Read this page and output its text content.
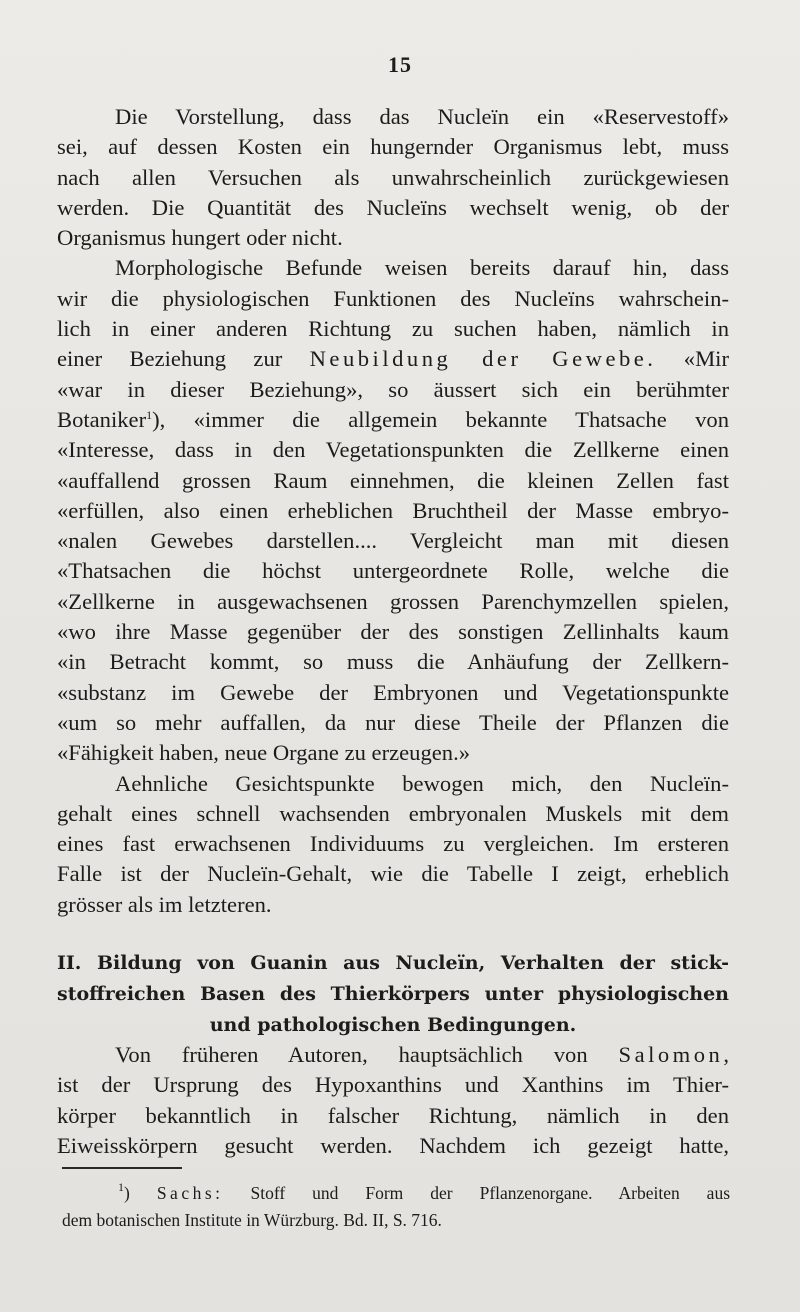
15
Die Vorstellung, dass das Nucleïn ein «Reservestoff»
sei, auf dessen Kosten ein hungernder Organismus lebt, muss
nach allen Versuchen als unwahrscheinlich zurückgewiesen
werden. Die Quantität des Nucleïns wechselt wenig, ob der
Organismus hungert oder nicht.
Morphologische Befunde weisen bereits darauf hin, dass
wir die physiologischen Funktionen des Nucleïns wahrschein-
lich in einer anderen Richtung zu suchen haben, nämlich in
einer Beziehung zur Neubildung der Gewebe. «Mir
«war in dieser Beziehung», so äussert sich ein berühmter
Botaniker$^1$), «immer die allgemein bekannte Thatsache von
«Interesse, dass in den Vegetationspunkten die Zellkerne einen
«auffallend grossen Raum einnehmen, die kleinen Zellen fast
«erfüllen, also einen erheblichen Bruchtheil der Masse embryo-
«nalen Gewebes darstellen.... Vergleicht man mit diesen
«Thatsachen die höchst untergeordnete Rolle, welche die
«Zellkerne in ausgewachsenen grossen Parenchymzellen spielen,
«wo ihre Masse gegenüber der des sonstigen Zellinhalts kaum
«in Betracht kommt, so muss die Anhäufung der Zellkern-
«substanz im Gewebe der Embryonen und Vegetationspunkte
«um so mehr auffallen, da nur diese Theile der Pflanzen die
«Fähigkeit haben, neue Organe zu erzeugen.»
Aehnliche Gesichtspunkte bewogen mich, den Nucleïn-
gehalt eines schnell wachsenden embryonalen Muskels mit dem
eines fast erwachsenen Individuums zu vergleichen. Im ersteren
Falle ist der Nucleïn-Gehalt, wie die Tabelle I zeigt, erheblich
grösser als im letzteren.
II. Bildung von Guanin aus Nucleïn, Verhalten der stick-
stoffreichen Basen des Thierkörpers unter physiologischen
und pathologischen Bedingungen.
Von früheren Autoren, hauptsächlich von Salomon,
ist der Ursprung des Hypoxanthins und Xanthins im Thier-
körper bekanntlich in falscher Richtung, nämlich in den
Eiweisskörpern gesucht werden. Nachdem ich gezeigt hatte,
$^1$) Sachs: Stoff und Form der Pflanzenorgane. Arbeiten aus
dem botanischen Institute in Würzburg. Bd. II, S. 716.
